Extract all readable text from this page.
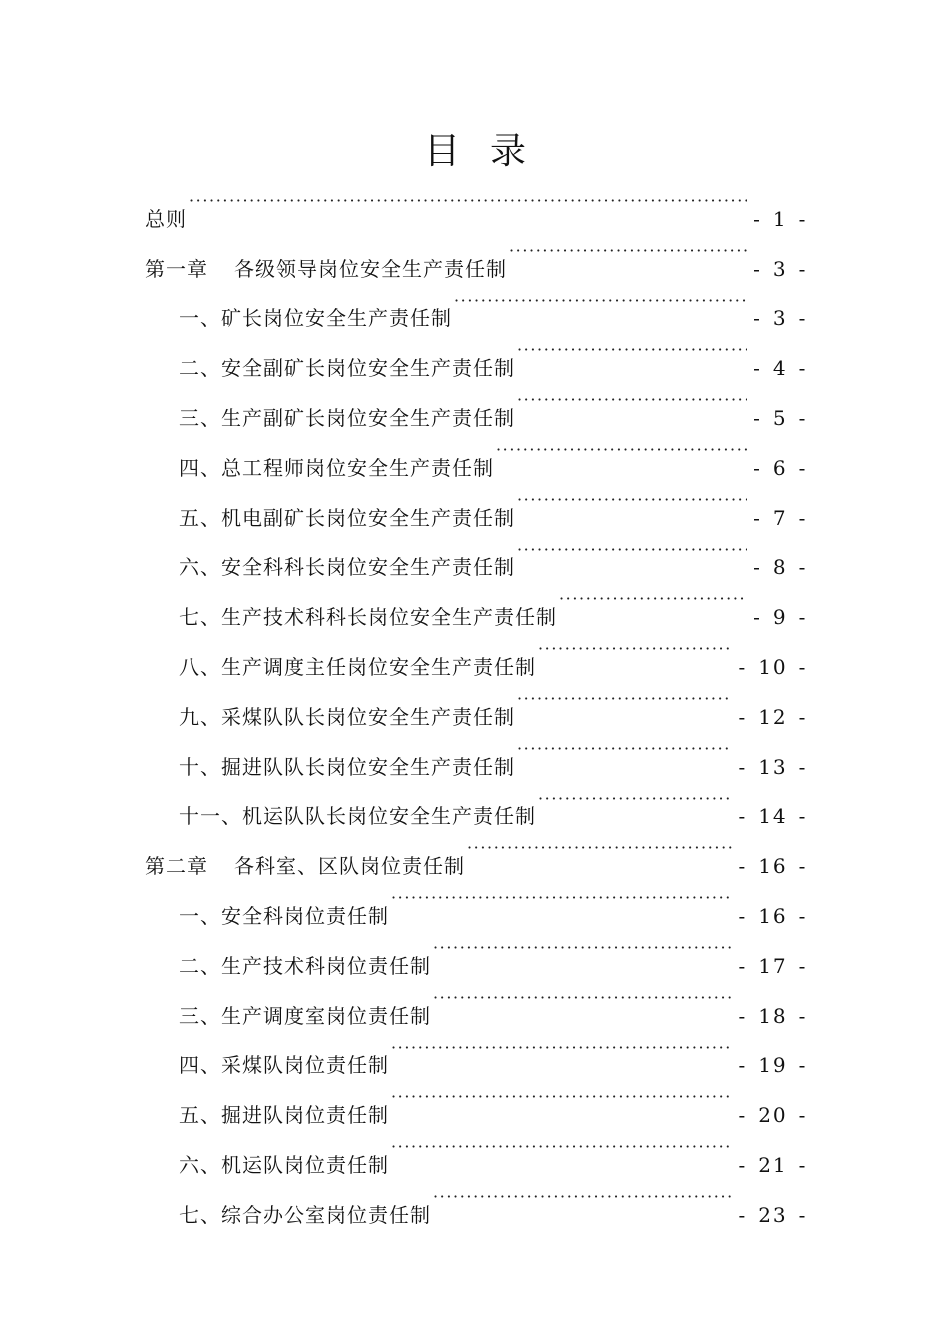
目录
总则 ·····	- 1 -
第一章 各级领导岗位安全生产责任制 ·····	- 3 -
一、矿长岗位安全生产责任制 ·····	- 3 -
二、安全副矿长岗位安全生产责任制 ·····	- 4 -
三、生产副矿长岗位安全生产责任制 ·····	- 5 -
四、总工程师岗位安全生产责任制 ·····	- 6 -
五、机电副矿长岗位安全生产责任制 ·····	- 7 -
六、安全科科长岗位安全生产责任制 ·····	- 8 -
七、生产技术科科长岗位安全生产责任制 ·····	- 9 -
八、生产调度主任岗位安全生产责任制 ·····	- 10 -
九、采煤队队长岗位安全生产责任制 ·····	- 12 -
十、掘进队队长岗位安全生产责任制 ·····	- 13 -
十一、机运队队长岗位安全生产责任制 ·····	- 14 -
第二章 各科室、区队岗位责任制 ·····	- 16 -
一、安全科岗位责任制 ·····	- 16 -
二、生产技术科岗位责任制 ·····	- 17 -
三、生产调度室岗位责任制 ·····	- 18 -
四、采煤队岗位责任制 ·····	- 19 -
五、掘进队岗位责任制 ·····	- 20 -
六、机运队岗位责任制 ·····	- 21 -
七、综合办公室岗位责任制 ·····	- 23 -
